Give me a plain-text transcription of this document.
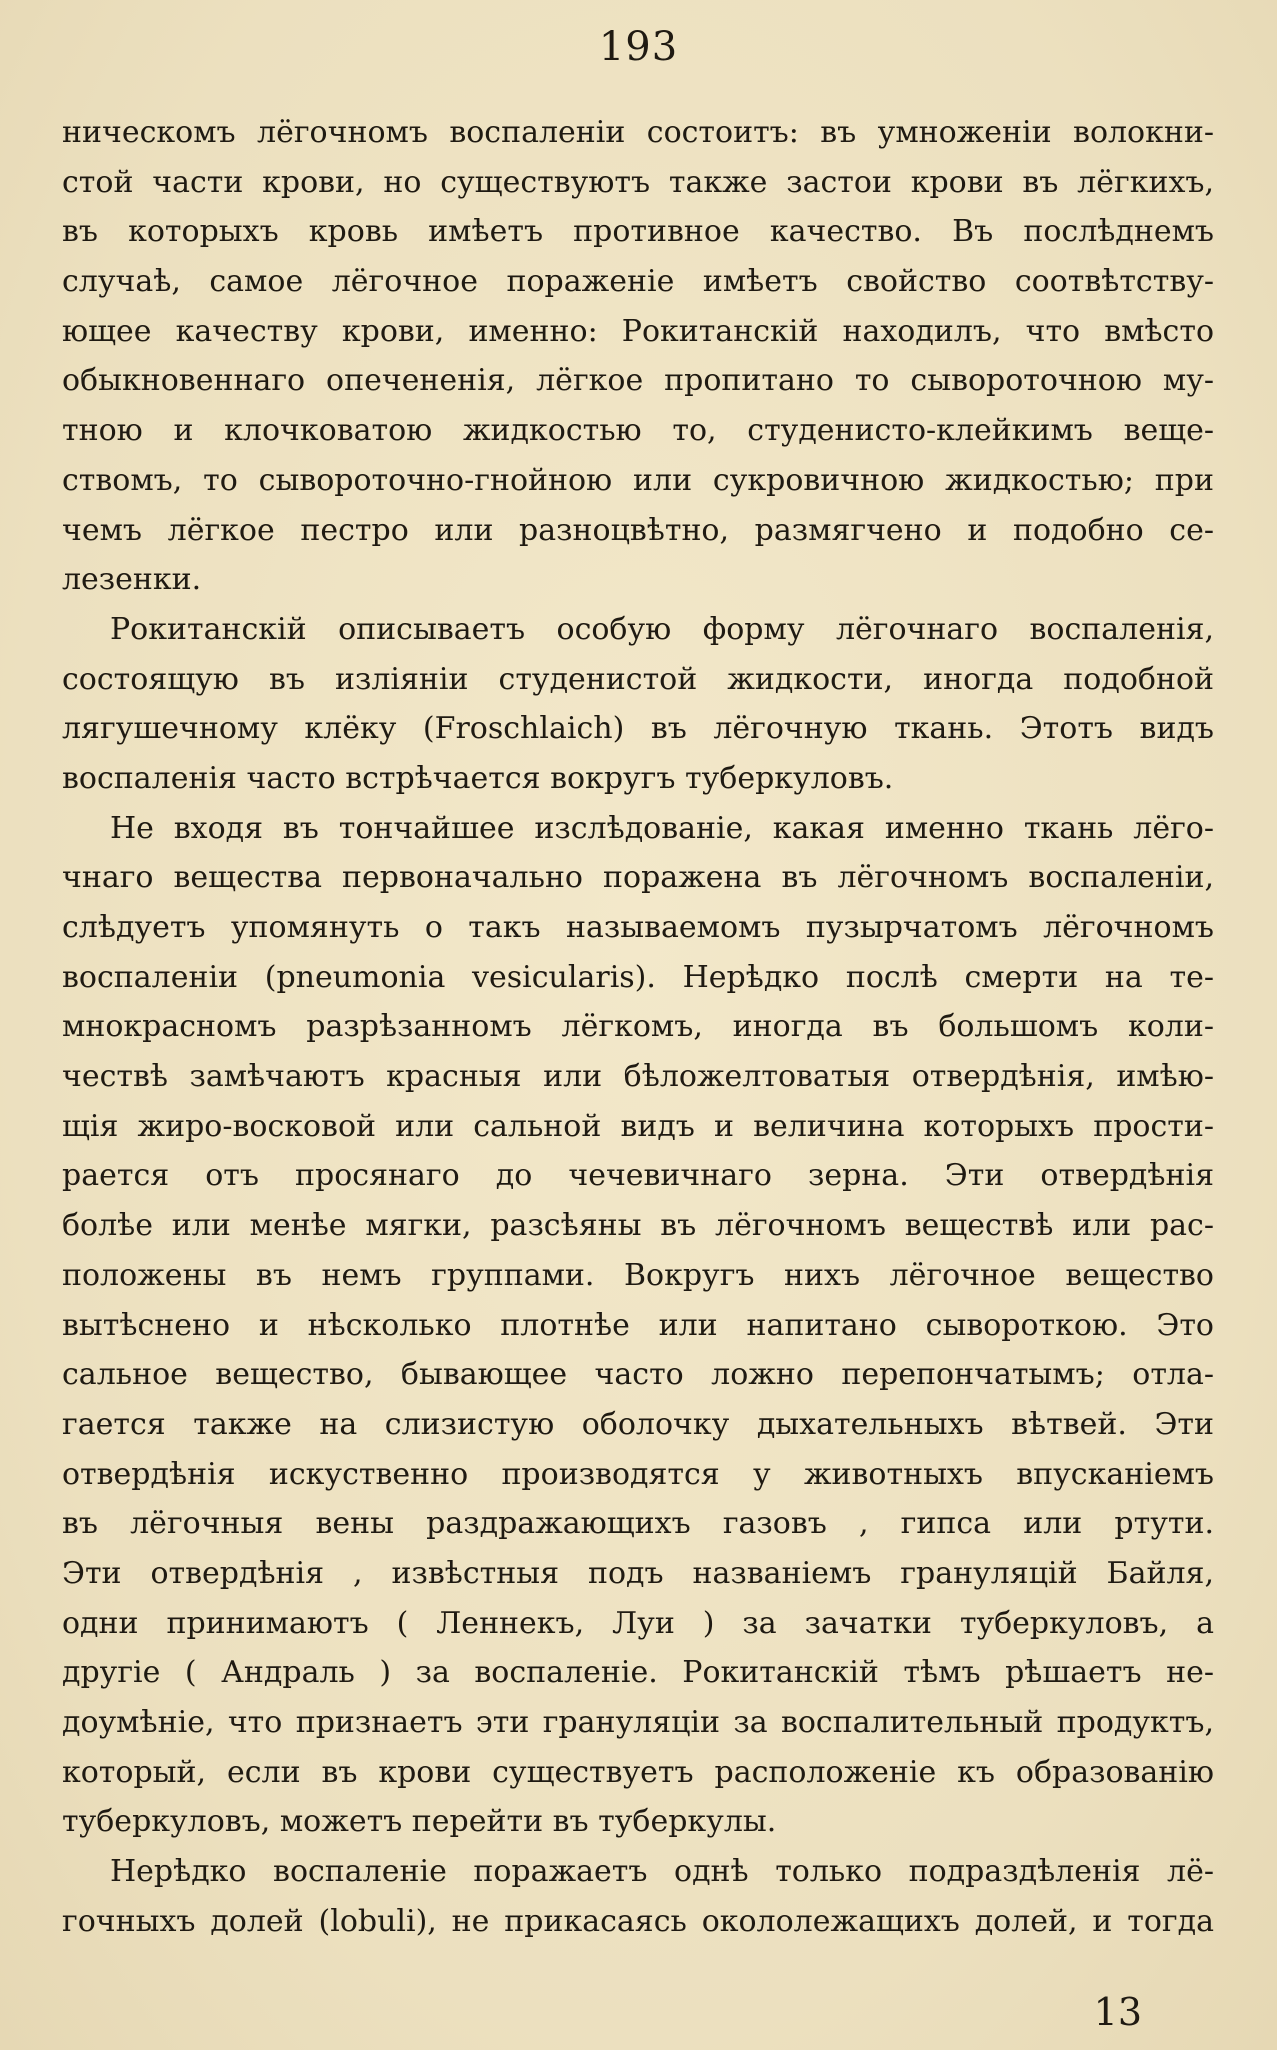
193
ническомъ лёгочномъ воспаленіи состоитъ: въ умноженіи волокни-
стой части крови, но существуютъ также застои крови въ лёгкихъ,
въ которыхъ кровь имѣетъ противное качество. Въ послѣднемъ
случаѣ, самое лёгочное пораженіе имѣетъ свойство соотвѣтству-
ющее качеству крови, именно: Рокитанскій находилъ, что вмѣсто
обыкновеннаго опечененія, лёгкое пропитано то сывороточною му-
тною и клочковатою жидкостью то, студенисто-клейкимъ веще-
ствомъ, то сывороточно-гнойною или сукровичною жидкостью; при
чемъ лёгкое пестро или разноцвѣтно, размягчено и подобно се-
лезенки.
Рокитанскій описываетъ особую форму лёгочнаго воспаленія,
состоящую въ изліяніи студенистой жидкости, иногда подобной
лягушечному клёку (Froschlaich) въ лёгочную ткань. Этотъ видъ
воспаленія часто встрѣчается вокругъ туберкуловъ.
Не входя въ тончайшее изслѣдованіе, какая именно ткань лёго-
чнаго вещества первоначально поражена въ лёгочномъ воспаленіи,
слѣдуетъ упомянуть о такъ называемомъ пузырчатомъ лёгочномъ
воспаленіи (pneumonia vesicularis). Нерѣдко послѣ смерти на те-
мнокрасномъ разрѣзанномъ лёгкомъ, иногда въ большомъ коли-
чествѣ замѣчаютъ красныя или бѣложелтоватыя отвердѣнія, имѣю-
щія жиро-восковой или сальной видъ и величина которыхъ прости-
рается отъ просянаго до чечевичнаго зерна. Эти отвердѣнія
болѣе или менѣе мягки, разсѣяны въ лёгочномъ веществѣ или рас-
положены въ немъ группами. Вокругъ нихъ лёгочное вещество
вытѣснено и нѣсколько плотнѣе или напитано сывороткою. Это
сальное вещество, бывающее часто ложно перепончатымъ; отла-
гается также на слизистую оболочку дыхательныхъ вѣтвей. Эти
отвердѣнія искуственно производятся у животныхъ впусканіемъ
въ лёгочныя вены раздражающихъ газовъ , гипса или ртути.
Эти отвердѣнія , извѣстныя подъ названіемъ грануляцій Байля,
одни принимаютъ ( Леннекъ, Луи ) за зачатки туберкуловъ, а
другіе ( Андраль ) за воспаленіе. Рокитанскій тѣмъ рѣшаетъ не-
доумѣніе, что признаетъ эти грануляціи за воспалительный продуктъ,
который, если въ крови существуетъ расположеніе къ образованію
туберкуловъ, можетъ перейти въ туберкулы.
Нерѣдко воспаленіе поражаетъ однѣ только подраздѣленія лё-
гочныхъ долей (lobuli), не прикасаясь окололежащихъ долей, и тогда
13
